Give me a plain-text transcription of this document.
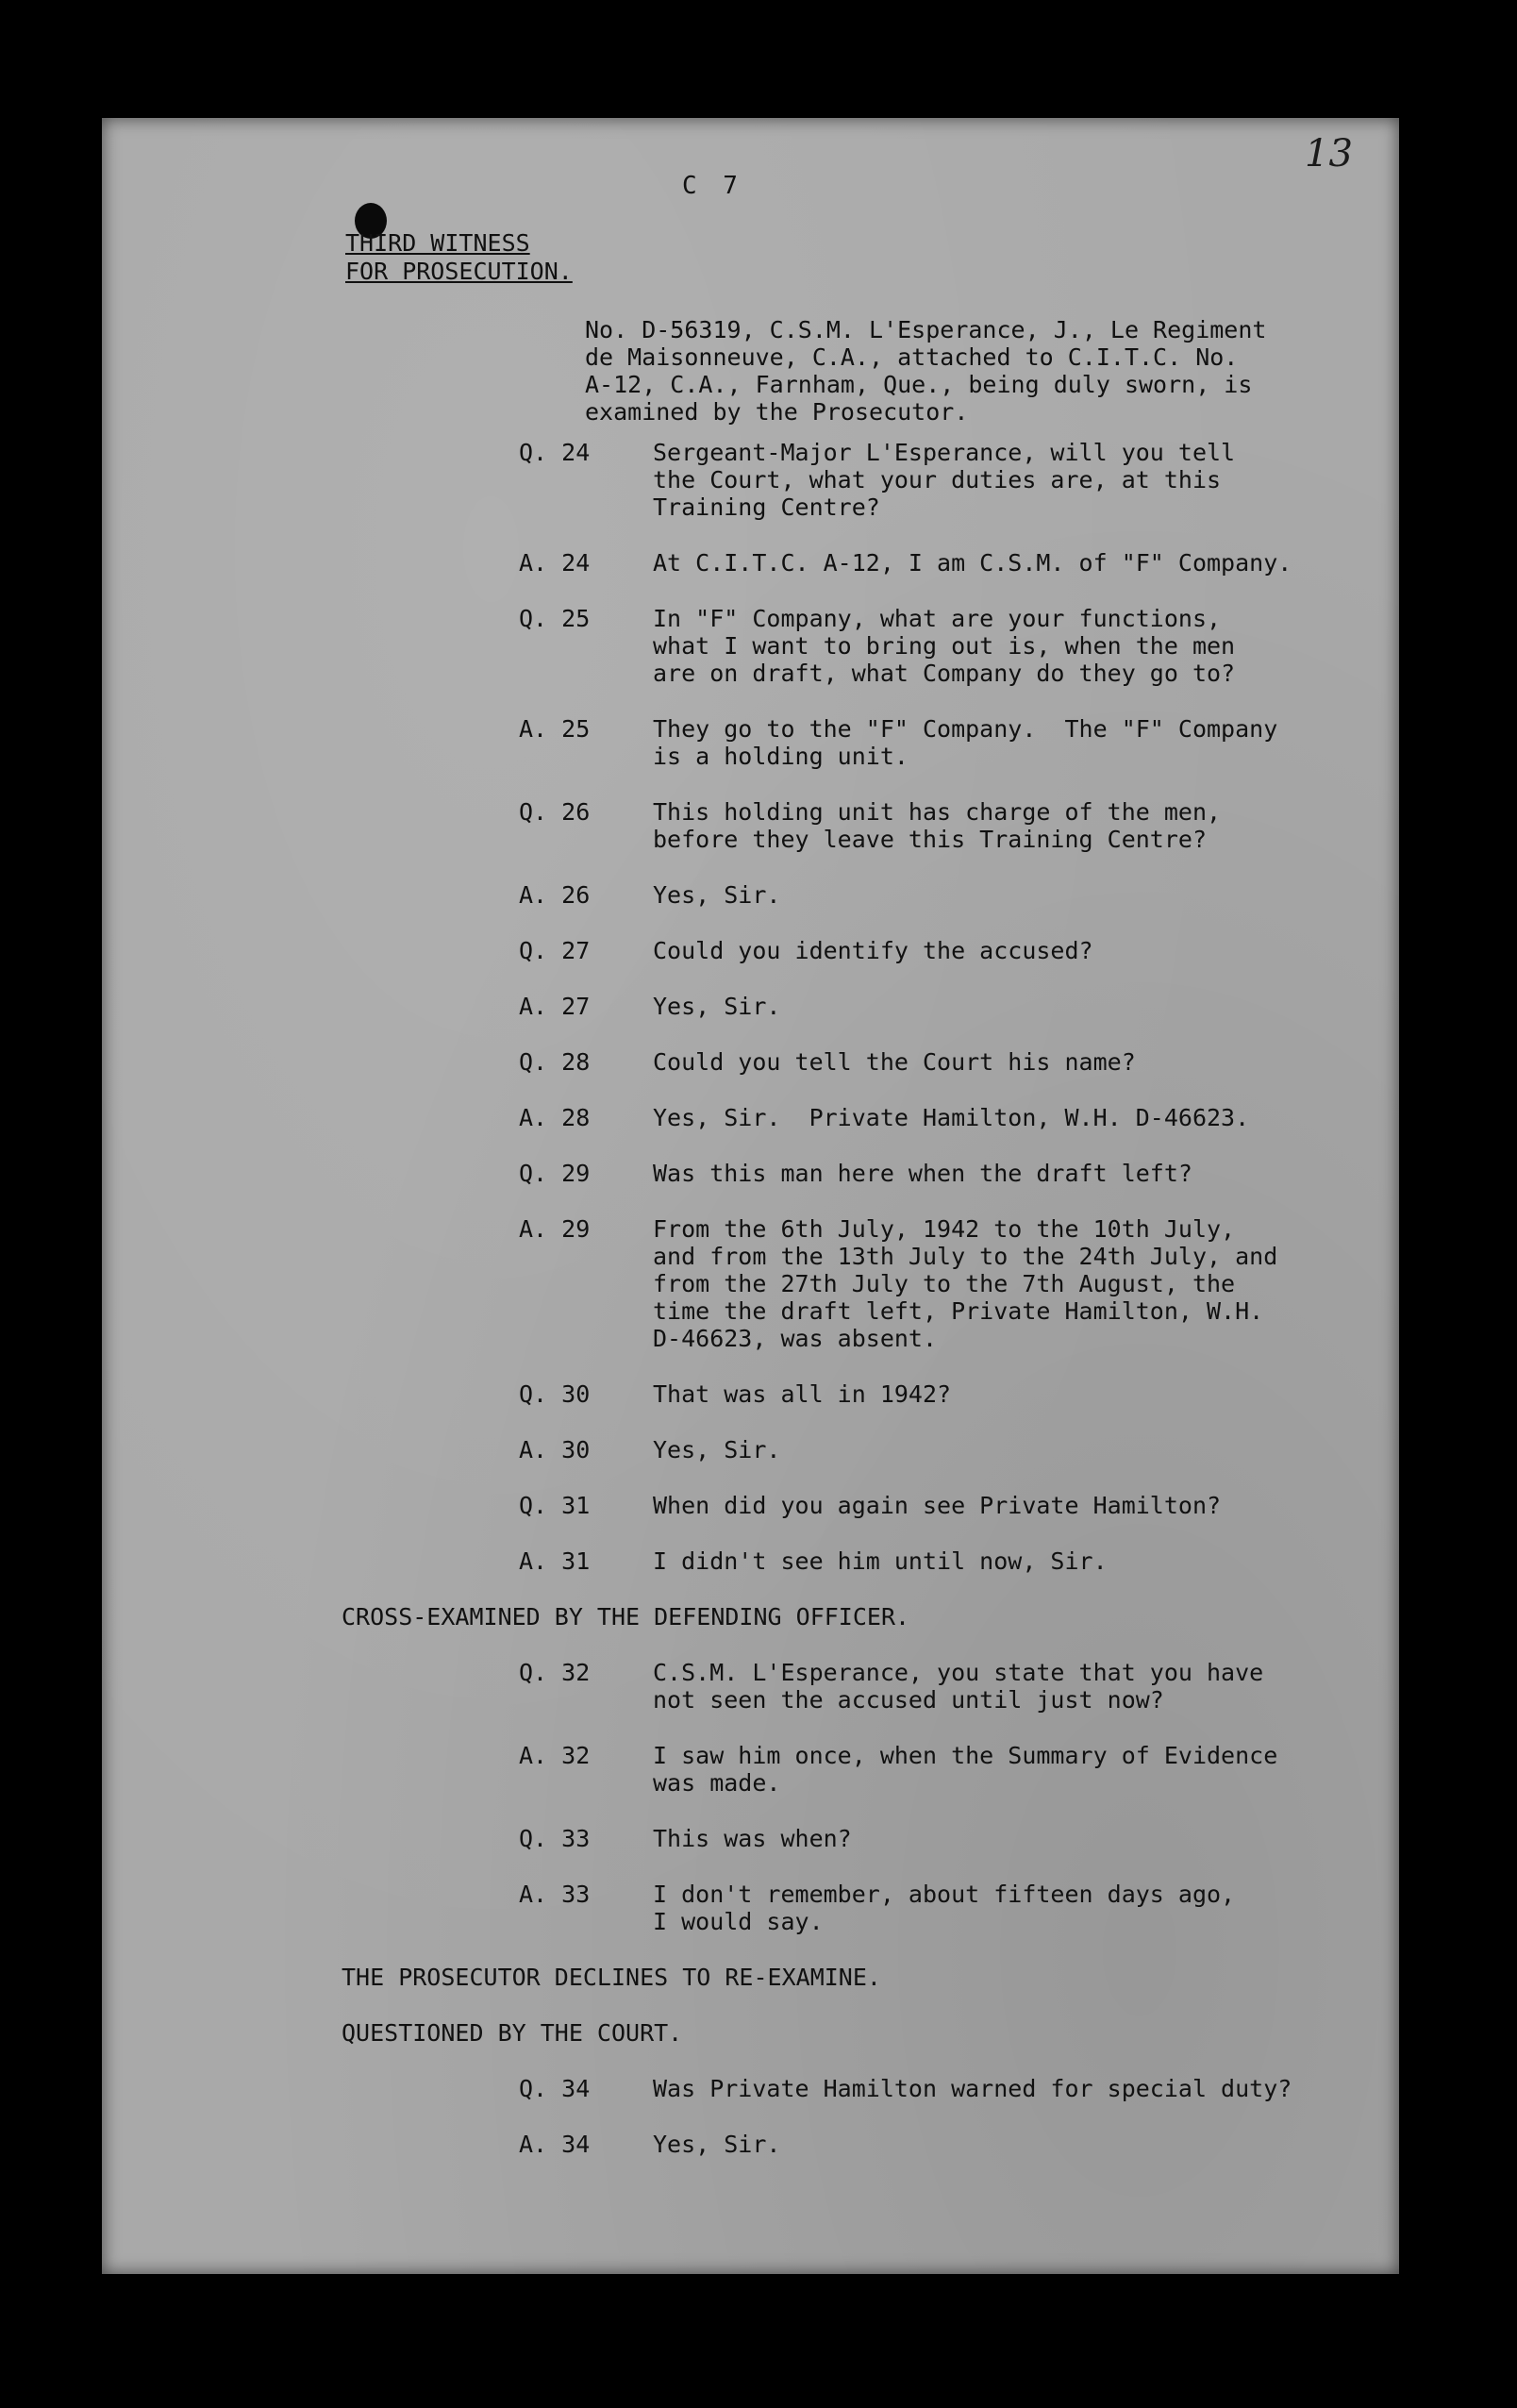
13
C 7
THIRD WITNESS
FOR PROSECUTION.
No. D-56319, C.S.M. L'Esperance, J., Le Regiment
de Maisonneuve, C.A., attached to C.I.T.C. No.
A-12, C.A., Farnham, Que., being duly sworn, is
examined by the Prosecutor.
Q. 24	Sergeant-Major L'Esperance, will you tell
the Court, what your duties are, at this
Training Centre?
A. 24	At C.I.T.C. A-12, I am C.S.M. of "F" Company.
Q. 25	In "F" Company, what are your functions,
what I want to bring out is, when the men
are on draft, what Company do they go to?
A. 25	They go to the "F" Company.  The "F" Company
is a holding unit.
Q. 26	This holding unit has charge of the men,
before they leave this Training Centre?
A. 26	Yes, Sir.
Q. 27	Could you identify the accused?
A. 27	Yes, Sir.
Q. 28	Could you tell the Court his name?
A. 28	Yes, Sir.  Private Hamilton, W.H. D-46623.
Q. 29	Was this man here when the draft left?
A. 29	From the 6th July, 1942 to the 10th July,
and from the 13th July to the 24th July, and
from the 27th July to the 7th August, the
time the draft left, Private Hamilton, W.H.
D-46623, was absent.
Q. 30	That was all in 1942?
A. 30	Yes, Sir.
Q. 31	When did you again see Private Hamilton?
A. 31	I didn't see him until now, Sir.
CROSS-EXAMINED BY THE DEFENDING OFFICER.
Q. 32	C.S.M. L'Esperance, you state that you have
not seen the accused until just now?
A. 32	I saw him once, when the Summary of Evidence
was made.
Q. 33	This was when?
A. 33	I don't remember, about fifteen days ago,
I would say.
THE PROSECUTOR DECLINES TO RE-EXAMINE.
QUESTIONED BY THE COURT.
Q. 34	Was Private Hamilton warned for special duty?
A. 34	Yes, Sir.
